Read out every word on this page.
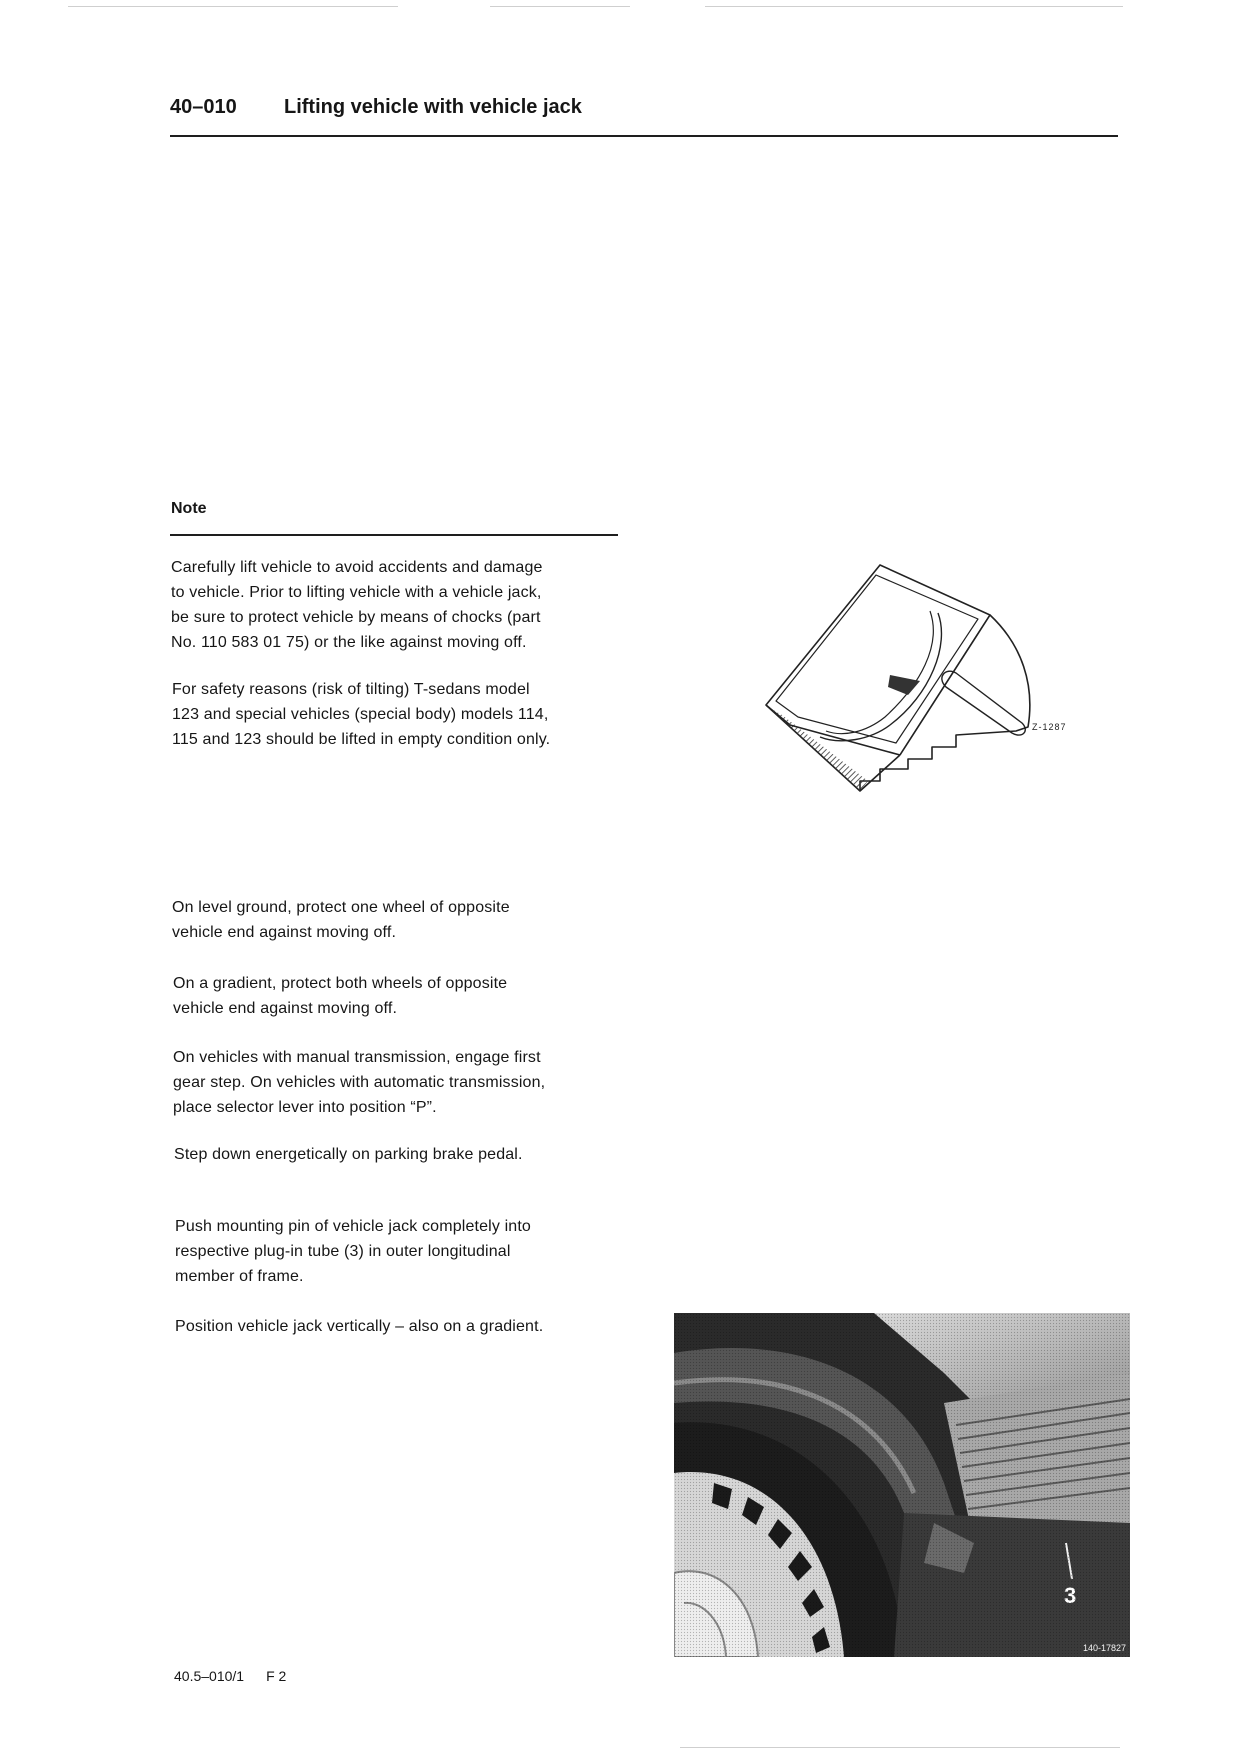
40–010 Lifting vehicle with vehicle jack
Note
Carefully lift vehicle to avoid accidents and damage
to vehicle. Prior to lifting vehicle with a vehicle jack,
be sure to protect vehicle by means of chocks (part
No. 110 583 01 75) or the like against moving off.
For safety reasons (risk of tilting) T-sedans model
123 and special vehicles (special body) models 114,
115 and 123 should be lifted in empty condition only.
Z-1287
On level ground, protect one wheel of opposite
vehicle end against moving off.
On a gradient, protect both wheels of opposite
vehicle end against moving off.
On vehicles with manual transmission, engage first
gear step. On vehicles with automatic transmission,
place selector lever into position “P”.
Step down energetically on parking brake pedal.
Push mounting pin of vehicle jack completely into
respective plug-in tube (3) in outer longitudinal
member of frame.
Position vehicle jack vertically – also on a gradient.
140-17827
40.5–010/1 F 2
